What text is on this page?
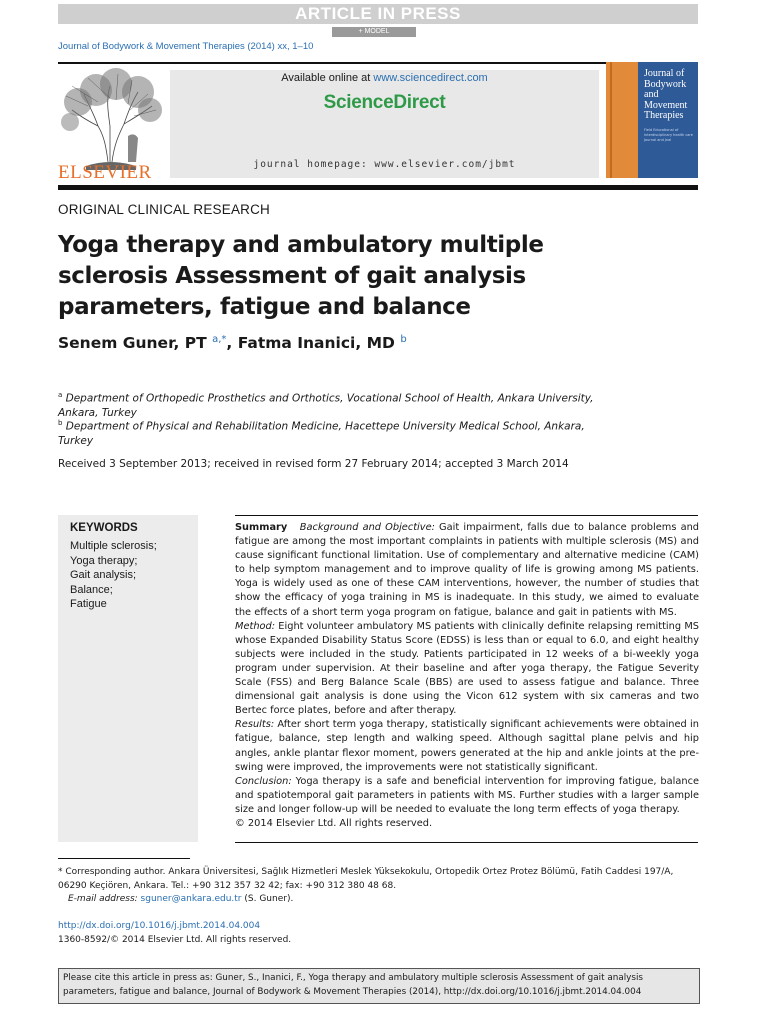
ARTICLE IN PRESS
+ MODEL
Journal of Bodywork & Movement Therapies (2014) xx, 1–10
ELSEVIER
Available online at www.sciencedirect.com
ScienceDirect
journal homepage: www.elsevier.com/jbmt
Journal of Bodywork and Movement Therapies
Field Educational of interdisciplinary health care Journal and Jnal
ORIGINAL CLINICAL RESEARCH
Yoga therapy and ambulatory multiple sclerosis Assessment of gait analysis parameters, fatigue and balance
Senem Guner, PT $^{a,*}$, Fatma Inanici, MD $^b$
$^a$ Department of Orthopedic Prosthetics and Orthotics, Vocational School of Health, Ankara University, Ankara, Turkey
$^b$ Department of Physical and Rehabilitation Medicine, Hacettepe University Medical School, Ankara, Turkey
Received 3 September 2013; received in revised form 27 February 2014; accepted 3 March 2014
KEYWORDS
Multiple sclerosis;
Yoga therapy;
Gait analysis;
Balance;
Fatigue
Summary Background and Objective: Gait impairment, falls due to balance problems and fatigue are among the most important complaints in patients with multiple sclerosis (MS) and cause significant functional limitation. Use of complementary and alternative medicine (CAM) to help symptom management and to improve quality of life is growing among MS patients. Yoga is widely used as one of these CAM interventions, however, the number of studies that show the efficacy of yoga training in MS is inadequate. In this study, we aimed to evaluate the effects of a short term yoga program on fatigue, balance and gait in patients with MS.
Method: Eight volunteer ambulatory MS patients with clinically definite relapsing remitting MS whose Expanded Disability Status Score (EDSS) is less than or equal to 6.0, and eight healthy subjects were included in the study. Patients participated in 12 weeks of a bi-weekly yoga program under supervision. At their baseline and after yoga therapy, the Fatigue Severity Scale (FSS) and Berg Balance Scale (BBS) are used to assess fatigue and balance. Three dimensional gait analysis is done using the Vicon 612 system with six cameras and two Bertec force plates, before and after therapy.
Results: After short term yoga therapy, statistically significant achievements were obtained in fatigue, balance, step length and walking speed. Although sagittal plane pelvis and hip angles, ankle plantar flexor moment, powers generated at the hip and ankle joints at the pre-swing were improved, the improvements were not statistically significant.
Conclusion: Yoga therapy is a safe and beneficial intervention for improving fatigue, balance and spatiotemporal gait parameters in patients with MS. Further studies with a larger sample size and longer follow-up will be needed to evaluate the long term effects of yoga therapy.
© 2014 Elsevier Ltd. All rights reserved.
* Corresponding author. Ankara Üniversitesi, Sağlık Hizmetleri Meslek Yüksekokulu, Ortopedik Ortez Protez Bölümü, Fatih Caddesi 197/A, 06290 Keçiören, Ankara. Tel.: +90 312 357 32 42; fax: +90 312 380 48 68.
E-mail address: sguner@ankara.edu.tr (S. Guner).
http://dx.doi.org/10.1016/j.jbmt.2014.04.004
1360-8592/© 2014 Elsevier Ltd. All rights reserved.
Please cite this article in press as: Guner, S., Inanici, F., Yoga therapy and ambulatory multiple sclerosis Assessment of gait analysis parameters, fatigue and balance, Journal of Bodywork & Movement Therapies (2014), http://dx.doi.org/10.1016/j.jbmt.2014.04.004
